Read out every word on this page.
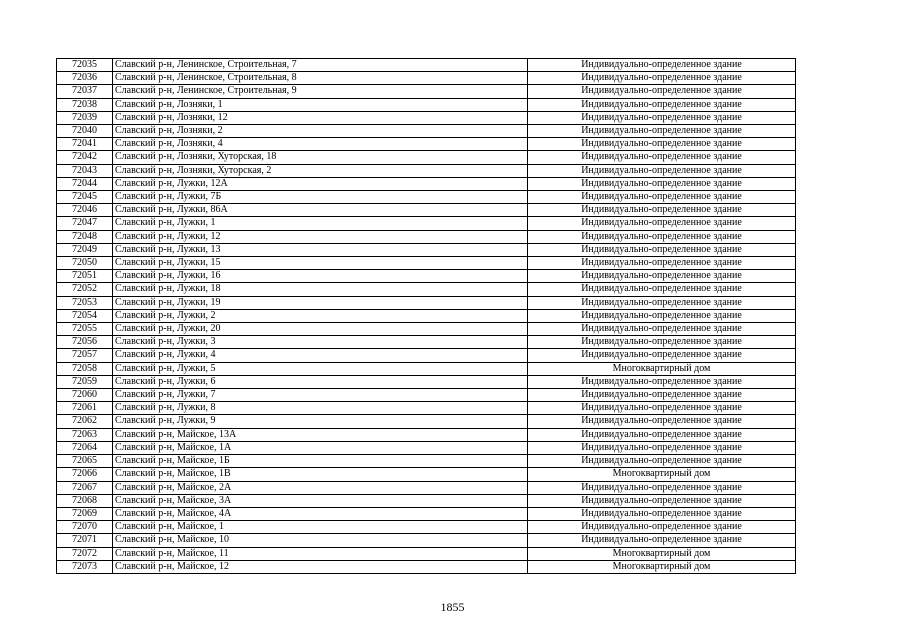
72035	Славский р-н, Ленинское, Строительная, 7	Индивидуально-определенное здание
72036	Славский р-н, Ленинское, Строительная, 8	Индивидуально-определенное здание
72037	Славский р-н, Ленинское, Строительная, 9	Индивидуально-определенное здание
72038	Славский р-н, Лозняки, 1	Индивидуально-определенное здание
72039	Славский р-н, Лозняки, 12	Индивидуально-определенное здание
72040	Славский р-н, Лозняки, 2	Индивидуально-определенное здание
72041	Славский р-н, Лозняки, 4	Индивидуально-определенное здание
72042	Славский р-н, Лозняки, Хуторская, 18	Индивидуально-определенное здание
72043	Славский р-н, Лозняки, Хуторская, 2	Индивидуально-определенное здание
72044	Славский р-н, Лужки, 12А	Индивидуально-определенное здание
72045	Славский р-н, Лужки, 7Б	Индивидуально-определенное здание
72046	Славский р-н, Лужки, 86А	Индивидуально-определенное здание
72047	Славский р-н, Лужки, 1	Индивидуально-определенное здание
72048	Славский р-н, Лужки, 12	Индивидуально-определенное здание
72049	Славский р-н, Лужки, 13	Индивидуально-определенное здание
72050	Славский р-н, Лужки, 15	Индивидуально-определенное здание
72051	Славский р-н, Лужки, 16	Индивидуально-определенное здание
72052	Славский р-н, Лужки, 18	Индивидуально-определенное здание
72053	Славский р-н, Лужки, 19	Индивидуально-определенное здание
72054	Славский р-н, Лужки, 2	Индивидуально-определенное здание
72055	Славский р-н, Лужки, 20	Индивидуально-определенное здание
72056	Славский р-н, Лужки, 3	Индивидуально-определенное здание
72057	Славский р-н, Лужки, 4	Индивидуально-определенное здание
72058	Славский р-н, Лужки, 5	Многоквартирный дом
72059	Славский р-н, Лужки, 6	Индивидуально-определенное здание
72060	Славский р-н, Лужки, 7	Индивидуально-определенное здание
72061	Славский р-н, Лужки, 8	Индивидуально-определенное здание
72062	Славский р-н, Лужки, 9	Индивидуально-определенное здание
72063	Славский р-н, Майское, 13А	Индивидуально-определенное здание
72064	Славский р-н, Майское, 1А	Индивидуально-определенное здание
72065	Славский р-н, Майское, 1Б	Индивидуально-определенное здание
72066	Славский р-н, Майское, 1В	Многоквартирный дом
72067	Славский р-н, Майское, 2А	Индивидуально-определенное здание
72068	Славский р-н, Майское, 3А	Индивидуально-определенное здание
72069	Славский р-н, Майское, 4А	Индивидуально-определенное здание
72070	Славский р-н, Майское, 1	Индивидуально-определенное здание
72071	Славский р-н, Майское, 10	Индивидуально-определенное здание
72072	Славский р-н, Майское, 11	Многоквартирный дом
72073	Славский р-н, Майское, 12	Многоквартирный дом
1855
